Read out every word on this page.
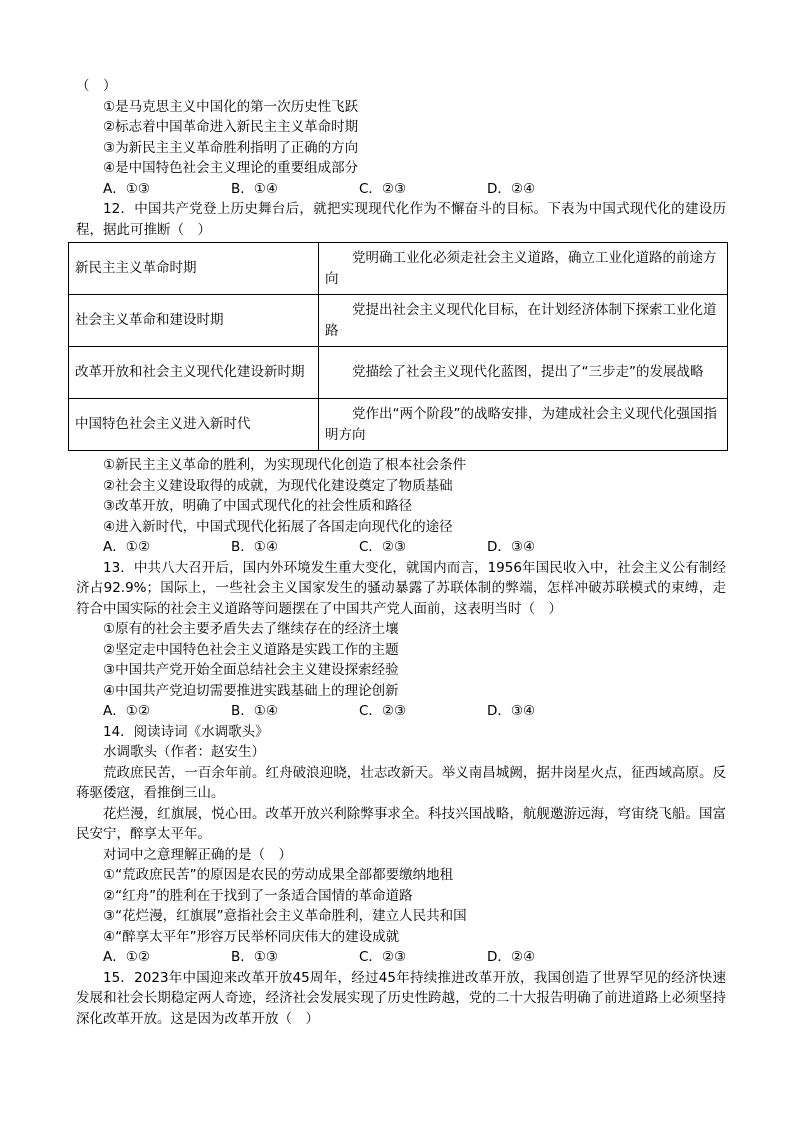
（　）
①是马克思主义中国化的第一次历史性飞跃
②标志着中国革命进入新民主主义革命时期
③为新民主主义革命胜利指明了正确的方向
④是中国特色社会主义理论的重要组成部分
A．①③	B．①④	C．②③	D．②④
12．中国共产党登上历史舞台后，就把实现现代化作为不懈奋斗的目标。下表为中国式现代化的建设历程，据此可推断（　）
新民主主义革命时期	党明确工业化必须走社会主义道路，确立工业化道路的前途方向
社会主义革命和建设时期	党提出社会主义现代化目标，在计划经济体制下探索工业化道路
改革开放和社会主义现代化建设新时期	党描绘了社会主义现代化蓝图，提出了“三步走”的发展战略
中国特色社会主义进入新时代	党作出“两个阶段”的战略安排，为建成社会主义现代化强国指明方向
①新民主主义革命的胜利，为实现现代化创造了根本社会条件
②社会主义建设取得的成就，为现代化建设奠定了物质基础
③改革开放，明确了中国式现代化的社会性质和路径
④进入新时代，中国式现代化拓展了各国走向现代化的途径
A．①②	B．①④	C．②③	D．③④
13．中共八大召开后，国内外环境发生重大变化，就国内而言，1956年国民收入中，社会主义公有制经济占92.9%；国际上，一些社会主义国家发生的骚动暴露了苏联体制的弊端，怎样冲破苏联模式的束缚，走符合中国实际的社会主义道路等问题摆在了中国共产党人面前，这表明当时（　）
①原有的社会主要矛盾失去了继续存在的经济土壤
②坚定走中国特色社会主义道路是实践工作的主题
③中国共产党开始全面总结社会主义建设探索经验
④中国共产党迫切需要推进实践基础上的理论创新
A．①②	B．①④	C．②③	D．③④
14．阅读诗词《水调歌头》
水调歌头（作者：赵安生）
荒政庶民苦，一百余年前。红舟破浪迎晓，壮志改新天。举义南昌城阙，据井岗星火点，征西域高原。反蒋驱倭寇，看推倒三山。
花烂漫，红旗展，悦心田。改革开放兴利除弊事求全。科技兴国战略，航舰邀游远海，穹宙绕飞船。国富民安宁，醉享太平年。
对词中之意理解正确的是（　）
①“荒政庶民苦”的原因是农民的劳动成果全部都要缴纳地租
②“红舟”的胜利在于找到了一条适合国情的革命道路
③“花烂漫，红旗展”意指社会主义革命胜利，建立人民共和国
④“醉享太平年”形容万民举杯同庆伟大的建设成就
A．①②	B．①③	C．②③	D．②④
15．2023年中国迎来改革开放45周年，经过45年持续推进改革开放，我国创造了世界罕见的经济快速发展和社会长期稳定两人奇迹，经济社会发展实现了历史性跨越，党的二十大报告明确了前进道路上必须坚持深化改革开放。这是因为改革开放（　）
